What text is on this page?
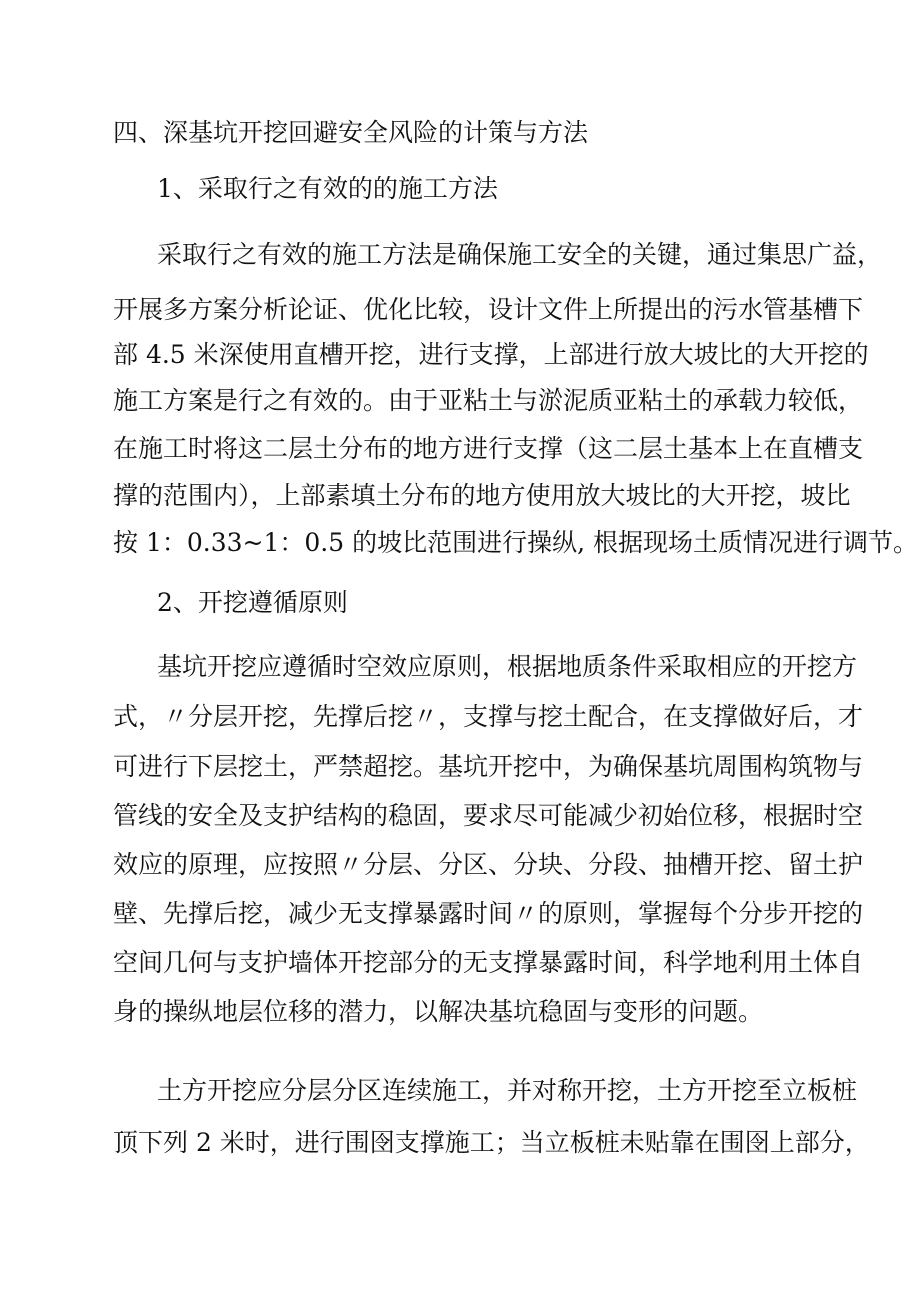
四、深基坑开挖回避安全风险的计策与方法

1、采取行之有效的的施工方法

采取行之有效的施工方法是确保施工安全的关键，通过集思广益，

开展多方案分析论证、优化比较，设计文件上所提出的污水管基槽下

部 4.5 米深使用直槽开挖，进行支撑，上部进行放大坡比的大开挖的

施工方案是行之有效的。由于亚粘土与淤泥质亚粘土的承载力较低，

在施工时将这二层土分布的地方进行支撑（这二层土基本上在直槽支

撑的范围内），上部素填土分布的地方使用放大坡比的大开挖，坡比

按 1：0.33~1：0.5 的坡比范围进行操纵, 根据现场土质情况进行调节。

2、开挖遵循原则

基坑开挖应遵循时空效应原则，根据地质条件采取相应的开挖方

式，〃分层开挖，先撑后挖〃，支撑与挖土配合，在支撑做好后，才

可进行下层挖土，严禁超挖。基坑开挖中，为确保基坑周围构筑物与

管线的安全及支护结构的稳固，要求尽可能减少初始位移，根据时空

效应的原理，应按照〃分层、分区、分块、分段、抽槽开挖、留土护

壁、先撑后挖，减少无支撑暴露时间〃的原则，掌握每个分步开挖的

空间几何与支护墙体开挖部分的无支撑暴露时间，科学地利用土体自

身的操纵地层位移的潜力，以解决基坑稳固与变形的问题。

土方开挖应分层分区连续施工，并对称开挖，土方开挖至立板桩

顶下列 2 米时，进行围囹支撑施工；当立板桩未贴靠在围囹上部分，
